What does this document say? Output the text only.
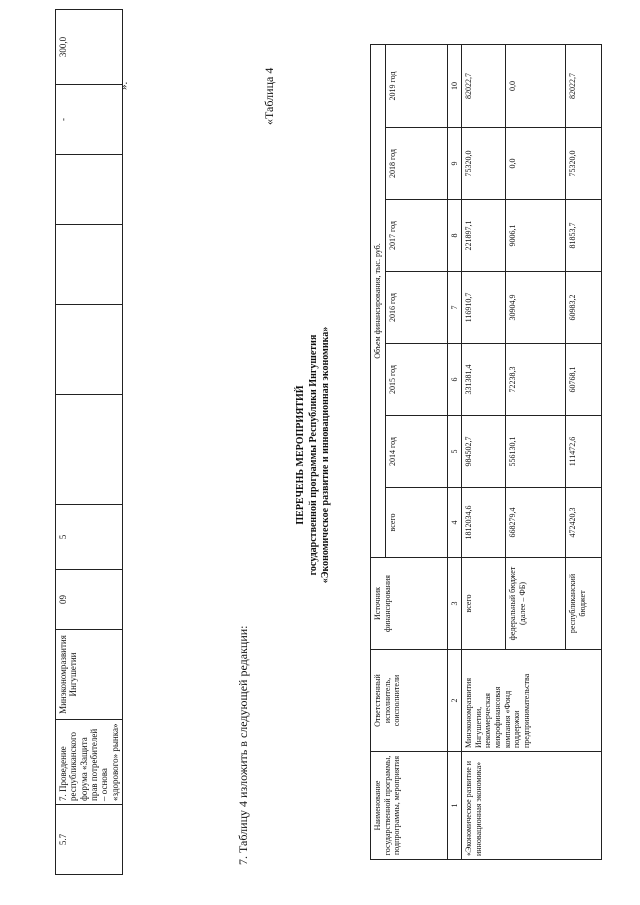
5.7	7. Проведение республиканского форума «Защита прав потребителей – основа «здорового» рынка»	Минэкономразвития Ингушетии	09	5					-	300,0
».
7. Таблицу 4 изложить в следующей редакции:
«Таблица 4
ПЕРЕЧЕНЬ МЕРОПРИЯТИЙ государственной программы Республики Ингушетия «Экономическое развитие и инновационная экономика»
Наименование государственной программы, подпрограммы, мероприятия	Ответственный исполнитель, соисполнители	Источник финансирования	Объем финансирования, тыс. руб.						
			всего	2014 год	2015 год	2016 год	2017 год	2018 год	2019 год
1	2	3	4	5	6	7	8	9	10
«Экономическое развитие и инновационная экономика»	Минэкономразвития Ингушетии, некоммерческая микрофинансовая компания «Фонд поддержки предпринимательства	всего	1812034,6	984502,7	331381,4	116910,7	221897,1	75320,0	82022,7
		федеральный бюджет (далее – ФБ)	668279,4	556130,1	72238,3	30904,9	9006,1	0,0	0,0
		республиканский бюджет	472420,3	111472,6	60768,1	60983,2	81853,7	75320,0	82022,7
